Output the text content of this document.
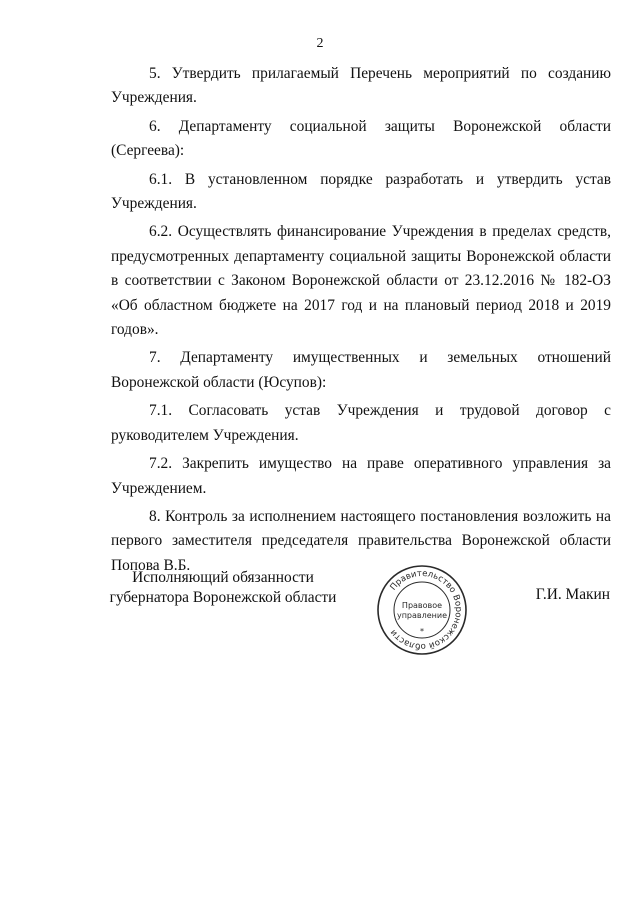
2

5. Утвердить прилагаемый Перечень мероприятий по созданию Учреждения.

6. Департаменту социальной защиты Воронежской области (Сергеева):

6.1. В установленном порядке разработать и утвердить устав Учреждения.

6.2. Осуществлять финансирование Учреждения в пределах средств, предусмотренных департаменту социальной защиты Воронежской области в соответствии с Законом Воронежской области от 23.12.2016 № 182-ОЗ «Об областном бюджете на 2017 год и на плановый период 2018 и 2019 годов».

7. Департаменту имущественных и земельных отношений Воронежской области (Юсупов):

7.1. Согласовать устав Учреждения и трудовой договор с руководителем Учреждения.

7.2. Закрепить имущество на праве оперативного управления за Учреждением.

8. Контроль за исполнением настоящего постановления возложить на первого заместителя председателя правительства Воронежской области Попова В.Б.

Исполняющий обязанности
губернатора Воронежской области
Правительство Воронежской области
Правовое
управление
*
Г.И. Макин
